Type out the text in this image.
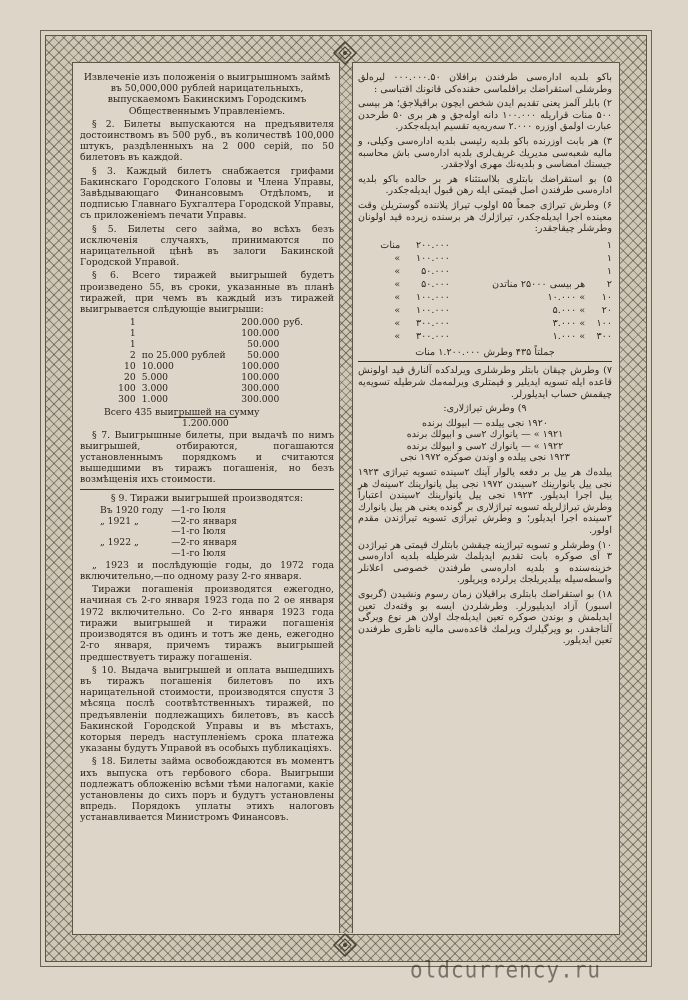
Извлеченіе изъ положенія о выигрышномъ займѣ въ 50,000,000 рублей нарицательныхъ, выпускаемомъ Бакинскимъ Городскимъ Общественнымъ Управленіемъ.

§ 2. Билеты выпускаются на предъявителя достоинствомъ въ 500 руб., въ количествѣ 100,000 штукъ, раздѣленныхъ на 2 000 серій, по 50 билетовъ въ каждой.

§ 3. Каждый билетъ снабжается грифами Бакинскаго Городского Головы и Члена Управы, Завѣдывающаго Финансовымъ Отдѣломъ, и подписью Главнаго Бухгалтера Городской Управы, съ приложеніемъ печати Управы.

§ 5. Билеты сего займа, во всѣхъ безъ исключенія случаяхъ, принимаются по нарицательной цѣнѣ въ залоги Бакинской Городской Управой.

§ 6. Всего тиражей выигрышей будетъ произведено 55, въ сроки, указанные въ планѣ тиражей, при чемъ въ каждый изъ тиражей выигрывается слѣдующіе выигрыши:

1		200.000	руб.
1		100.000	
1		50.000	
2	по 25.000 рублей	50.000	
10	10.000	100.000	
20	5.000	100.000	
100	3.000	300.000	
300	1.000	300.000	
Всего 435 выигрышей на сумму
1.200.000

§ 7. Выигрышные билеты, при выдачѣ по нимъ выигрышей, отбираются, погашаются установленнымъ порядкомъ и считаются вышедшими въ тиражъ погашенія, но безъ возмѣщенія ихъ стоимости.

§ 9. Тиражи выигрышей производятся:

Въ 1920 году	—1-го Іюля
„ 1921 „	—2-го января
	—1-го Іюля
„ 1922 „	—2-го января
	—1-го Іюля

„ 1923 и послѣдующіе годы, до 1972 года включительно,—по одному разу 2-го января.

Тиражи погашенія производятся ежегодно, начиная съ 2-го января 1923 года по 2 ое января 1972 включительно. Со 2-го января 1923 года тиражи выигрышей и тиражи погашенія производятся въ одинъ и тотъ же день, ежегодно 2-го января, причемъ тиражъ выигрышей предшествуетъ тиражу погашенія.

§ 10. Выдача выигрышей и оплата вышедшихъ въ тиражъ погашенія билетовъ по ихъ нарицательной стоимости, производятся спустя 3 мѣсяца послѣ соотвѣтственныхъ тиражей, по предъявленіи подлежащихъ билетовъ, въ кассѣ Бакинской Городской Управы и въ мѣстахъ, которыя передъ наступленіемъ срока платежа указаны будутъ Управой въ особыхъ публикаціяхъ.

§ 18. Билеты займа освобождаются въ моментъ ихъ выпуска отъ гербового сбора. Выигрыши подлежатъ обложенію всѣми тѣми налогами, какіе установлены до сихъ поръ и будутъ установлены впредь. Порядокъ уплаты этихъ налоговъ устанавливается Министромъ Финансовъ.

باكو بلديه اداره‌سی طرفندن برافلان ۰۰۰.۰۰۰.۵۰ ليره‌لق وطرشلی استقراضك برافلماسی حقنده‌كی قانونك اقتباسی :

۲) بابلر آلمز يعنی تقديم ايدن شخص ايچون براقيلاجق؛ هر بيسی ۵۰۰ منات قراريله ۱۰۰.۰۰۰ دانه اوله‌جق و هر بری ۵۰ طرحدن عبارت اولمق اوزره ۲.۰۰۰ سه‌ريه‌يه تقسيم ايديله‌جكدر.

۳) هر بابت اوزرنده باكو بلديه رئيسی بلديه اداره‌سی وكيلی، و ماليه شعبه‌سی مديريك غريف‌لری بلديه اداره‌سی باش محاسبه جيسنك امضاسی و بلديه‌نك مهری اولاجقدر.

۵) بو استقراضك بابتلری بلااستثناء هر بر حالده باكو بلديه اداره‌سی طرفندن اصل قيمتی ايله رهن قبول ايديله‌جكدر.

۶) وطرش تيراژی جمعاً ۵۵ اولوب تيراژ پلاننده گوستريلن وقت معينده اجرا ايديله‌جكدر، تيراژلرك هر برسنده زيرده قيد اولونان وطرشلر چيقاجقدر:

۱		۲۰۰.۰۰۰	منات
۱		۱۰۰.۰۰۰	»
۱		۵۰.۰۰۰	»
۲	هر بيسی ۲۵۰۰۰ مناتدن	۵۰.۰۰۰	»
۱۰	» ۱۰.۰۰۰	۱۰۰.۰۰۰	»
۲۰	» ۵.۰۰۰	۱۰۰.۰۰۰	»
۱۰۰	» ۳.۰۰۰	۳۰۰.۰۰۰	»
۳۰۰	» ۱.۰۰۰	۳۰۰.۰۰۰	»

جملتاً ۴۳۵ وطرش ۱.۲۰۰.۰۰۰ منات

۷) وطرش چيقان بابتلر وطرشلری ويرلدكده آلنارق قيد اولونش قاعده ايله تسويه ايديلير و قيمتلری ويرلمه‌مك شرطيله تسويه‌يه چيقمش حساب ايديلورلر.

۹) وطرش تيراژلاری:

۱۹۲۰ نجی ييلده — ابيولك برنده
۱۹۲۱ » — يانوارك ۲سی و ابيولك برنده
۱۹۲۲ » — يانوارك ۲سی و ابيولك برنده
۱۹۲۳ نجی ييلده و اوندن صوكره ۱۹۷۲ نجی

ييلده‌ك هر ييل بر دفعه يالوار آينك ۲سينده تسويه تيراژی ۱۹۲۳ نجی ييل يانوارينك ۲سيندن ۱۹۷۲ نجی ييل يانوارينك ۲سينه‌ك هر ييل اجرا ايديلور. ۱۹۲۳ نجی ييل يانوارينك ۲سيندن اعتباراً وطرش تيراژلريله تسويه تيراژلاری بر گونده يعنی هر ييل يانوارك ۲سينده اجرا ايديلور؛ و وطرش تيراژی تسويه تيراژندن مقدم اولور.

۱۰) وطرشلر و تسويه تيراژينه چيقشن بابتلرك قيمتی هر تيراژدن ۳ آی صوكره بابت تقديم ايديلمك شرطيله بلديه اداره‌سی خزينه‌سنده و بلديه اداره‌سی طرفندن خصوصی اعلانلر واسطه‌سيله بيلديريلجك يرلرده ويريلور.

۱۸) بو استقراضك بابتلری براقيلان زمان رسوم ونشيدن (گربوی اسبور) آزاد ايديليورلر. وطرشلردن ايسه بو وقته‌دك تعين ايديلمش و بوندن صوكره تعين ايديله‌جك اولان هر نوع ويرگی آلناجقدر. بو ويرگيلرك ويرلمك قاعده‌سی ماليه ناظری طرفندن تعين ايديلور.

oldcurrency.ru
